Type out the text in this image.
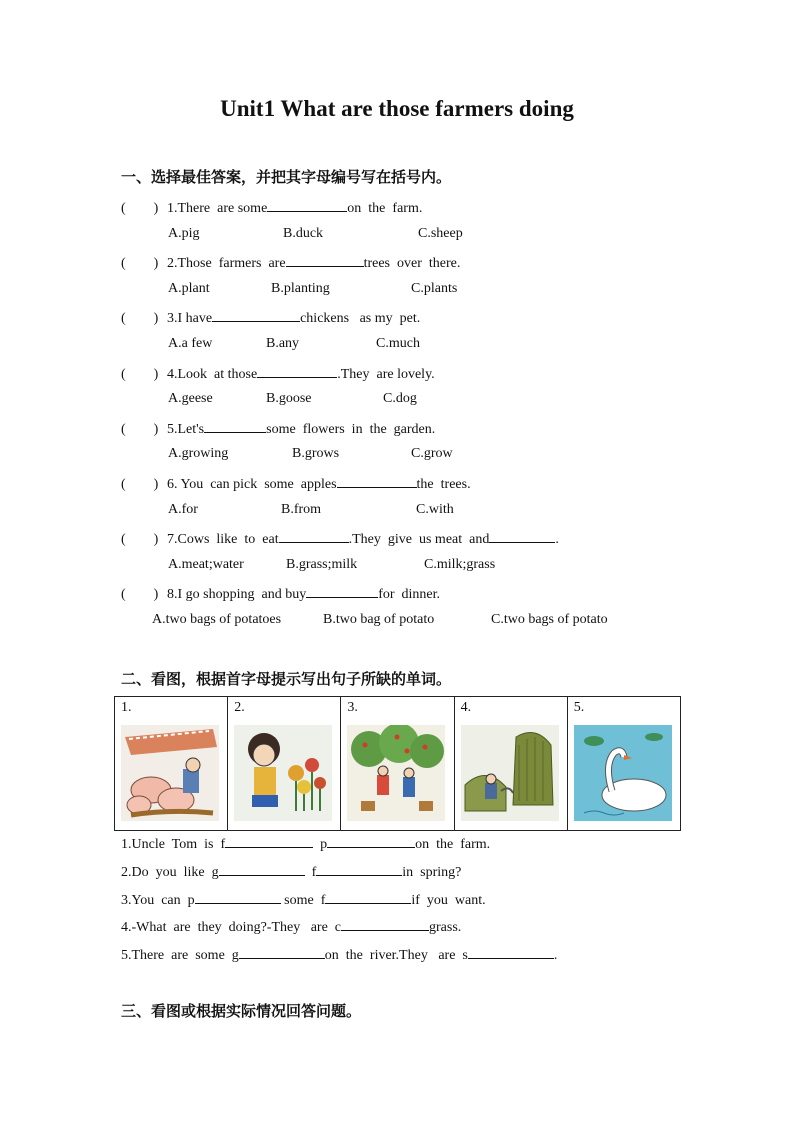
Unit1 What are those farmers doing
一、选择最佳答案，并把其字母编号写在括号内。
(        ) 1.There  are some	on  the  farm.
A.pig	B.duck	C.sheep
(        ) 2.Those  farmers  are	trees  over  there.
A.plant	B.planting	C.plants
(        ) 3.I have	chickens   as my  pet.
A.a few	B.any	C.much
(        ) 4.Look  at those	.They  are lovely.
A.geese	B.goose	C.dog
(        ) 5.Let's	some  flowers  in  the  garden.
A.growing	B.grows	C.grow
(        ) 6. You  can pick  some  apples	the  trees.
A.for	B.from	C.with
(        ) 7.Cows  like  to  eat	.They  give  us meat  and	.
A.meat;water	B.grass;milk	C.milk;grass
(        ) 8.I go shopping  and buy	for  dinner.
A.two bags of potatoes	B.two bag of potato	C.two bags of potato
二、看图，根据首字母提示写出句子所缺的单词。
1.	2.	3.	4.	5.
1.Uncle  Tom  is  f	p	on  the  farm.
2.Do  you  like  g	f	in  spring?
3.You  can  p	some  f	if  you  want.
4.-What  are  they  doing?-They   are  c	grass.
5.There  are  some  g	on  the  river.They   are  s	.
三、看图或根据实际情况回答问题。
